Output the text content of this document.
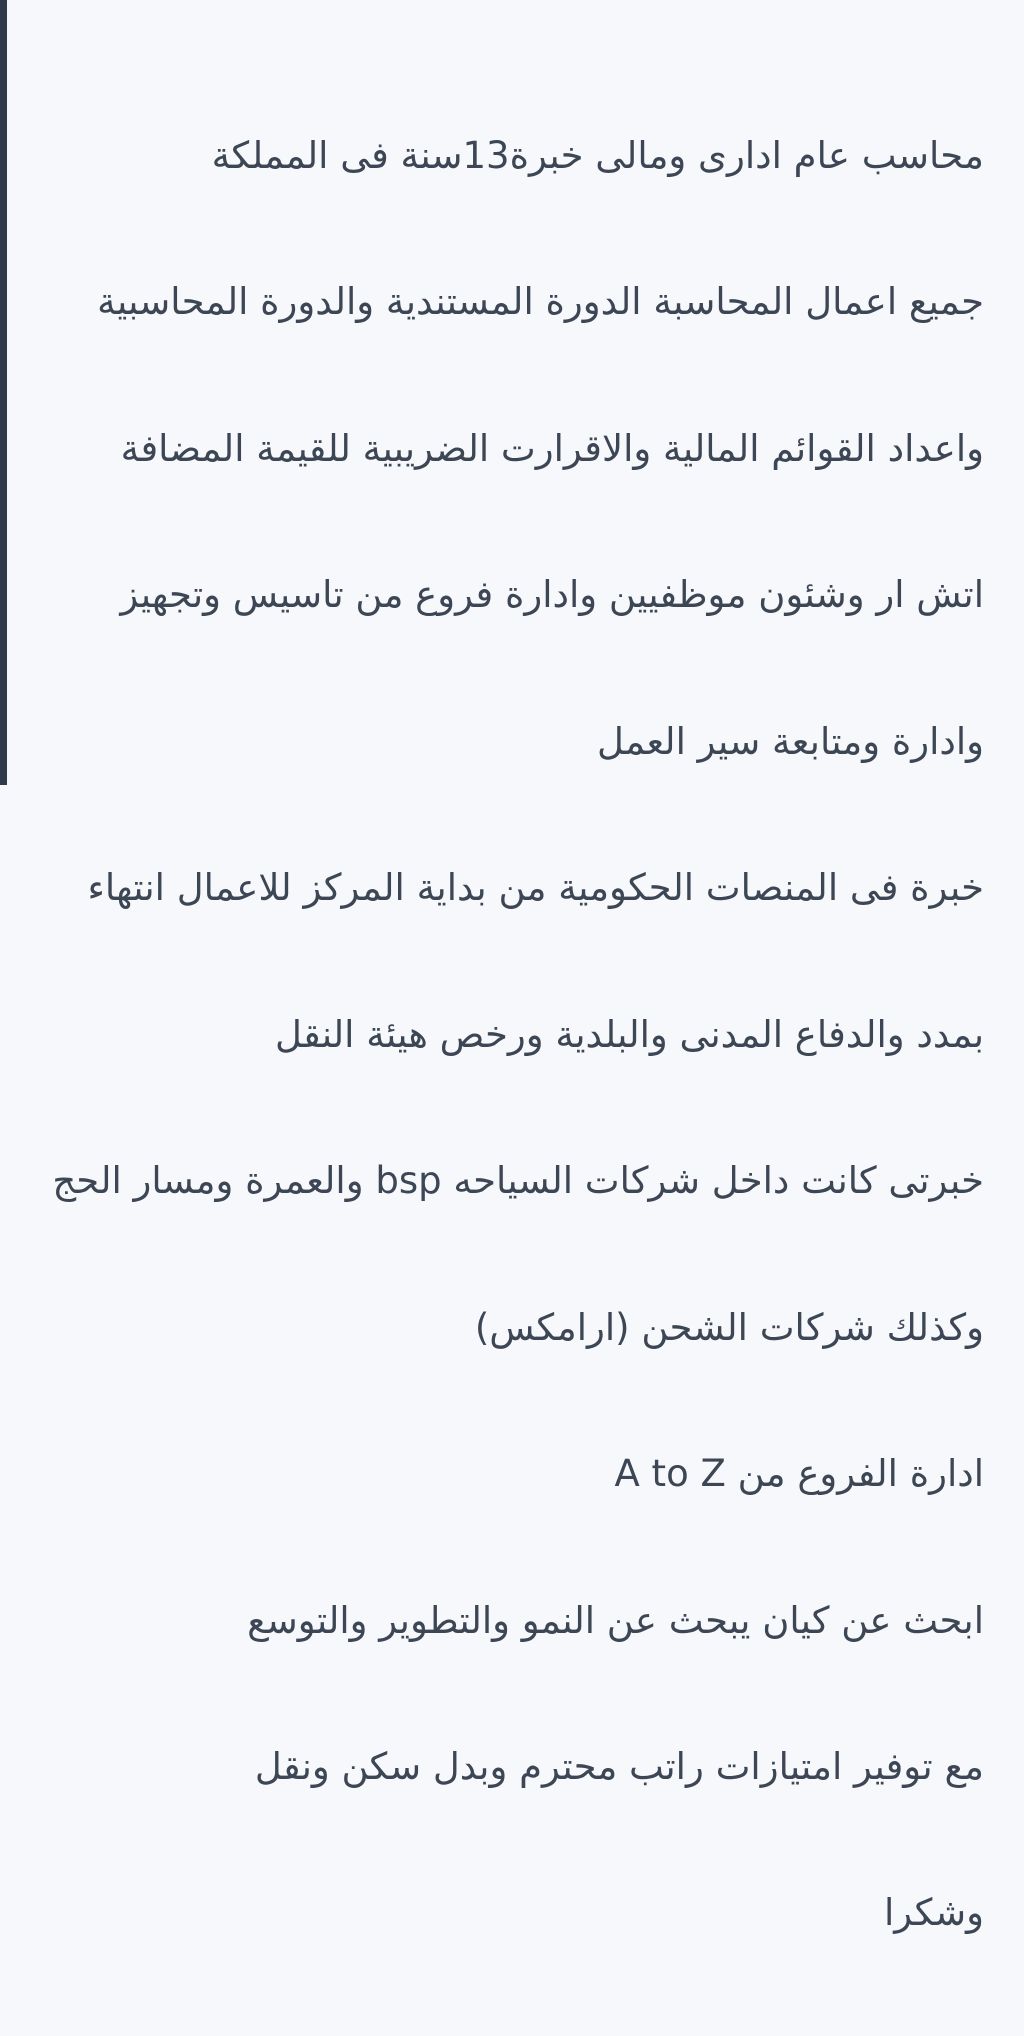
محاسب عام ادارى ومالى خبرة13سنة فى المملكة

جميع اعمال المحاسبة الدورة المستندية والدورة المحاسبية

واعداد القوائم المالية والاقرارت الضريبية للقيمة المضافة

اتش ار وشئون موظفيين وادارة فروع من تاسيس وتجهيز

وادارة ومتابعة سير العمل

خبرة فى المنصات الحكومية من بداية المركز للاعمال انتهاء

بمدد والدفاع المدنى والبلدية ورخص هيئة النقل

خبرتى كانت داخل شركات السياحه bsp والعمرة ومسار الحج

وكذلك شركات الشحن (ارامكس)

ادارة الفروع من A to Z

ابحث عن كيان يبحث عن النمو والتطوير والتوسع

مع توفير امتيازات راتب محترم وبدل سكن ونقل

وشكرا
